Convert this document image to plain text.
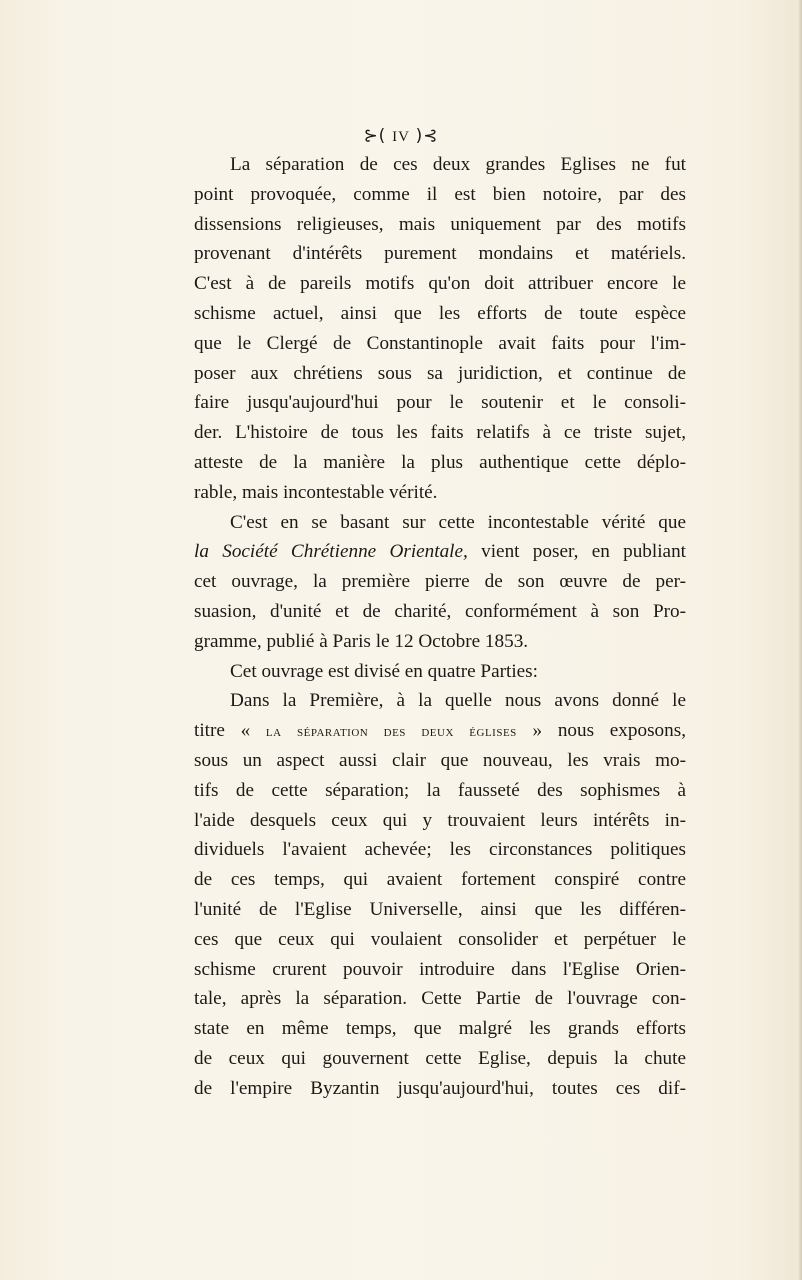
⊱( IV )⊰
La séparation de ces deux grandes Eglises ne fut
point provoquée, comme il est bien notoire, par des
dissensions religieuses, mais uniquement par des motifs
provenant d'intérêts purement mondains et matériels.
C'est à de pareils motifs qu'on doit attribuer encore le
schisme actuel, ainsi que les efforts de toute espèce
que le Clergé de Constantinople avait faits pour l'im-
poser aux chrétiens sous sa juridiction, et continue de
faire jusqu'aujourd'hui pour le soutenir et le consoli-
der. L'histoire de tous les faits relatifs à ce triste sujet,
atteste de la manière la plus authentique cette déplo-
rable, mais incontestable vérité.
C'est en se basant sur cette incontestable vérité que
la Société Chrétienne Orientale, vient poser, en publiant
cet ouvrage, la première pierre de son œuvre de per-
suasion, d'unité et de charité, conformément à son Pro-
gramme, publié à Paris le 12 Octobre 1853.
Cet ouvrage est divisé en quatre Parties:
Dans la Première, à la quelle nous avons donné le
titre « la séparation des deux églises » nous exposons,
sous un aspect aussi clair que nouveau, les vrais mo-
tifs de cette séparation; la fausseté des sophismes à
l'aide desquels ceux qui y trouvaient leurs intérêts in-
dividuels l'avaient achevée; les circonstances politiques
de ces temps, qui avaient fortement conspiré contre
l'unité de l'Eglise Universelle, ainsi que les différen-
ces que ceux qui voulaient consolider et perpétuer le
schisme crurent pouvoir introduire dans l'Eglise Orien-
tale, après la séparation. Cette Partie de l'ouvrage con-
state en même temps, que malgré les grands efforts
de ceux qui gouvernent cette Eglise, depuis la chute
de l'empire Byzantin jusqu'aujourd'hui, toutes ces dif-
